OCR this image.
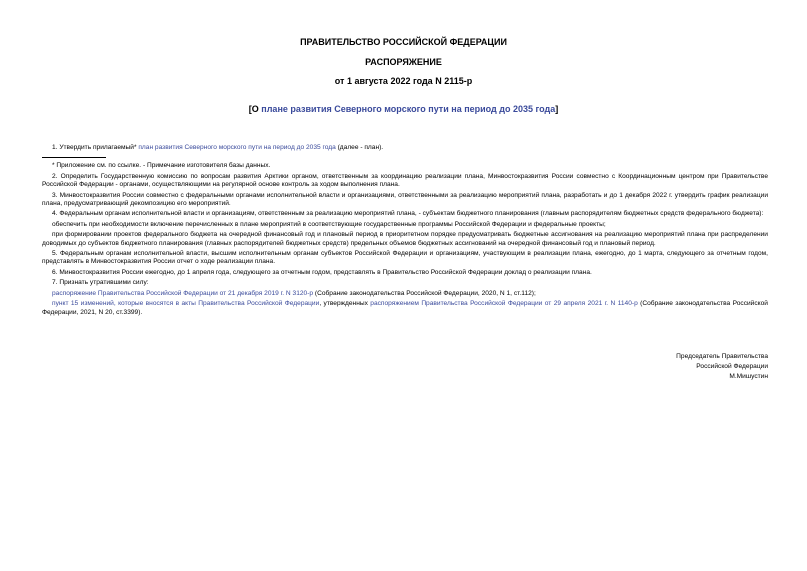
ПРАВИТЕЛЬСТВО РОССИЙСКОЙ ФЕДЕРАЦИИ
РАСПОРЯЖЕНИЕ
от 1 августа 2022 года N 2115-р
[О плане развития Северного морского пути на период до 2035 года]

1. Утвердить прилагаемый* план развития Северного морского пути на период до 2035 года (далее - план).

* Приложение см. по ссылке. - Примечание изготовителя базы данных.

2. Определить Государственную комиссию по вопросам развития Арктики органом, ответственным за координацию реализации плана, Минвостокразвития России совместно с Координационным центром при Правительстве Российской Федерации - органами, осуществляющими на регулярной основе контроль за ходом выполнения плана.

3. Минвостокразвития России совместно с федеральными органами исполнительной власти и организациями, ответственными за реализацию мероприятий плана, разработать и до 1 декабря 2022 г. утвердить график реализации плана, предусматривающий декомпозицию его мероприятий.

4. Федеральным органам исполнительной власти и организациям, ответственным за реализацию мероприятий плана, - субъектам бюджетного планирования (главным распорядителям бюджетных средств федерального бюджета):

обеспечить при необходимости включение перечисленных в плане мероприятий в соответствующие государственные программы Российской Федерации и федеральные проекты;

при формировании проектов федерального бюджета на очередной финансовый год и плановый период в приоритетном порядке предусматривать бюджетные ассигнования на реализацию мероприятий плана при распределении доводимых до субъектов бюджетного планирования (главных распорядителей бюджетных средств) предельных объемов бюджетных ассигнований на очередной финансовый год и плановый период.

5. Федеральным органам исполнительной власти, высшим исполнительным органам субъектов Российской Федерации и организациям, участвующим в реализации плана, ежегодно, до 1 марта, следующего за отчетным годом, представлять в Минвостокразвития России отчет о ходе реализации плана.

6. Минвостокразвития России ежегодно, до 1 апреля года, следующего за отчетным годом, представлять в Правительство Российской Федерации доклад о реализации плана.

7. Признать утратившими силу:

распоряжение Правительства Российской Федерации от 21 декабря 2019 г. N 3120-р (Собрание законодательства Российской Федерации, 2020, N 1, ст.112);

пункт 15 изменений, которые вносятся в акты Правительства Российской Федерации, утвержденных распоряжением Правительства Российской Федерации от 29 апреля 2021 г. N 1140-р (Собрание законодательства Российской Федерации, 2021, N 20, ст.3399).

Председатель Правительства
Российской Федерации
М.Мишустин
